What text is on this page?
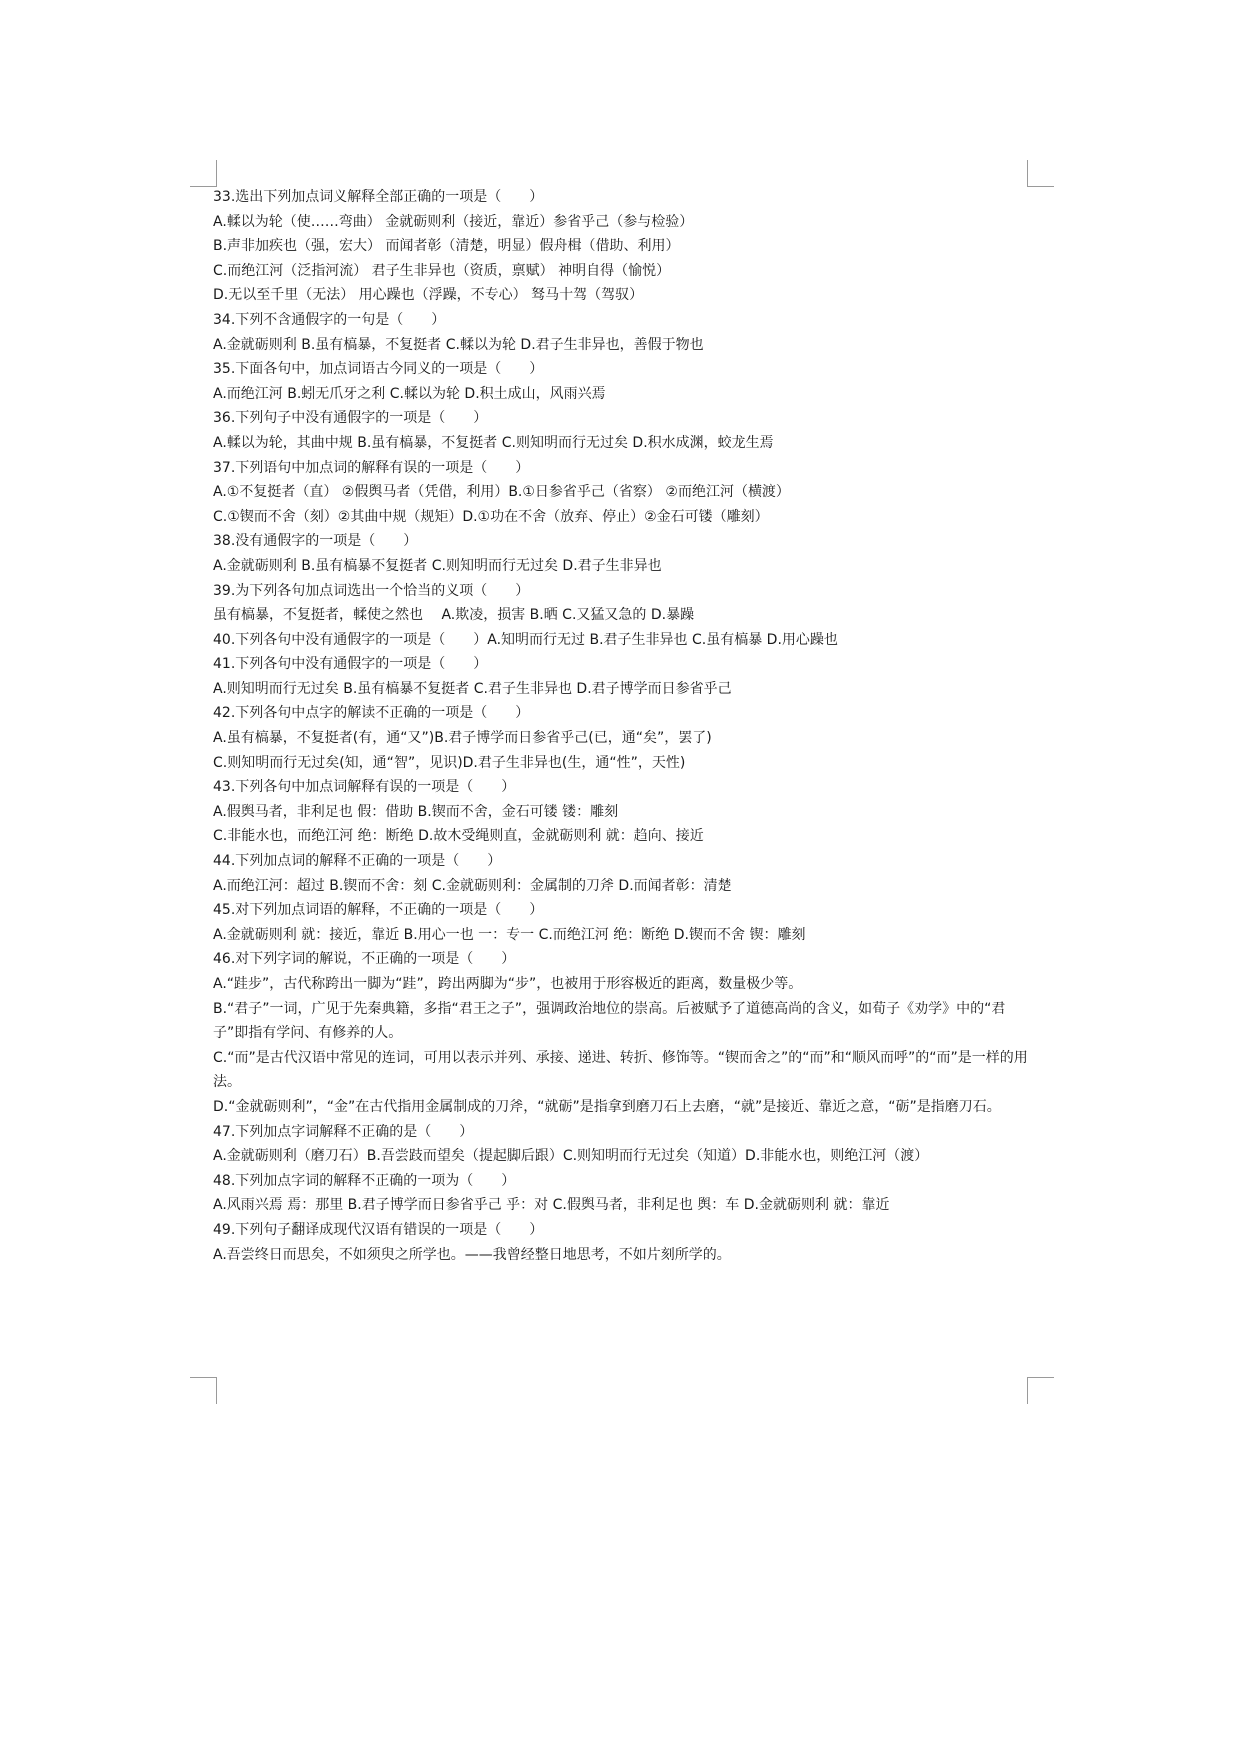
33.选出下列加点词义解释全部正确的一项是（　　）
A.輮以为轮（使……弯曲） 金就砺则利（接近，靠近）参省乎己（参与检验）
B.声非加疾也（强，宏大） 而闻者彰（清楚，明显）假舟楫（借助、利用）
C.而绝江河（泛指河流） 君子生非异也（资质，禀赋） 神明自得（愉悦）
D.无以至千里（无法） 用心躁也（浮躁，不专心） 驽马十驾（驾驭）
34.下列不含通假字的一句是（　　）
A.金就砺则利 B.虽有槁暴，不复挺者 C.輮以为轮 D.君子生非异也，善假于物也
35.下面各句中，加点词语古今同义的一项是（　　）
A.而绝江河 B.蚓无爪牙之利 C.輮以为轮 D.积土成山，风雨兴焉
36.下列句子中没有通假字的一项是（　　）
A.輮以为轮，其曲中规 B.虽有槁暴，不复挺者 C.则知明而行无过矣 D.积水成渊，蛟龙生焉
37.下列语句中加点词的解释有误的一项是（　　）
A.①不复挺者（直） ②假舆马者（凭借，利用）B.①日参省乎己（省察） ②而绝江河（横渡）
C.①锲而不舍（刻）②其曲中规（规矩）D.①功在不舍（放弃、停止）②金石可镂（雕刻）
38.没有通假字的一项是（　　）
A.金就砺则利 B.虽有槁暴不复挺者 C.则知明而行无过矣 D.君子生非异也
39.为下列各句加点词选出一个恰当的义项（　　）
虽有槁暴，不复挺者，輮使之然也　 A.欺凌，损害 B.晒 C.又猛又急的 D.暴躁
40.下列各句中没有通假字的一项是（　　）A.知明而行无过 B.君子生非异也 C.虽有槁暴 D.用心躁也
41.下列各句中没有通假字的一项是（　　）
A.则知明而行无过矣 B.虽有槁暴不复挺者 C.君子生非异也 D.君子博学而日参省乎己
42.下列各句中点字的解读不正确的一项是（　　）
A.虽有槁暴，不复挺者(有，通“又”)B.君子博学而日参省乎己(已，通“矣”，罢了)
C.则知明而行无过矣(知，通“智”，见识)D.君子生非异也(生，通“性”，天性)
43.下列各句中加点词解释有误的一项是（　　）
A.假舆马者，非利足也 假：借助 B.锲而不舍，金石可镂 镂：雕刻
C.非能水也，而绝江河 绝：断绝 D.故木受绳则直，金就砺则利 就：趋向、接近
44.下列加点词的解释不正确的一项是（　　）
A.而绝江河：超过 B.锲而不舍：刻 C.金就砺则利：金属制的刀斧 D.而闻者彰：清楚
45.对下列加点词语的解释，不正确的一项是（　　）
A.金就砺则利 就：接近，靠近 B.用心一也 一：专一 C.而绝江河 绝：断绝 D.锲而不舍 锲：雕刻
46.对下列字词的解说，不正确的一项是（　　）
A.“跬步”，古代称跨出一脚为“跬”，跨出两脚为“步”，也被用于形容极近的距离，数量极少等。
B.“君子”一词，广见于先秦典籍，多指“君王之子”，强调政治地位的崇高。后被赋予了道德高尚的含义，如荀子《劝学》中的“君子”即指有学问、有修养的人。
C.“而”是古代汉语中常见的连词，可用以表示并列、承接、递进、转折、修饰等。“锲而舍之”的“而”和“顺风而呼”的“而”是一样的用法。
D.“金就砺则利”，“金”在古代指用金属制成的刀斧，“就砺”是指拿到磨刀石上去磨，“就”是接近、靠近之意，“砺”是指磨刀石。
47.下列加点字词解释不正确的是（　　）
A.金就砺则利（磨刀石）B.吾尝跂而望矣（提起脚后跟）C.则知明而行无过矣（知道）D.非能水也，则绝江河（渡）
48.下列加点字词的解释不正确的一项为（　　）
A.风雨兴焉 焉：那里 B.君子博学而日参省乎己 乎：对 C.假舆马者，非利足也 舆：车 D.金就砺则利 就：靠近
49.下列句子翻译成现代汉语有错误的一项是（　　）
A.吾尝终日而思矣，不如须臾之所学也。——我曾经整日地思考，不如片刻所学的。
